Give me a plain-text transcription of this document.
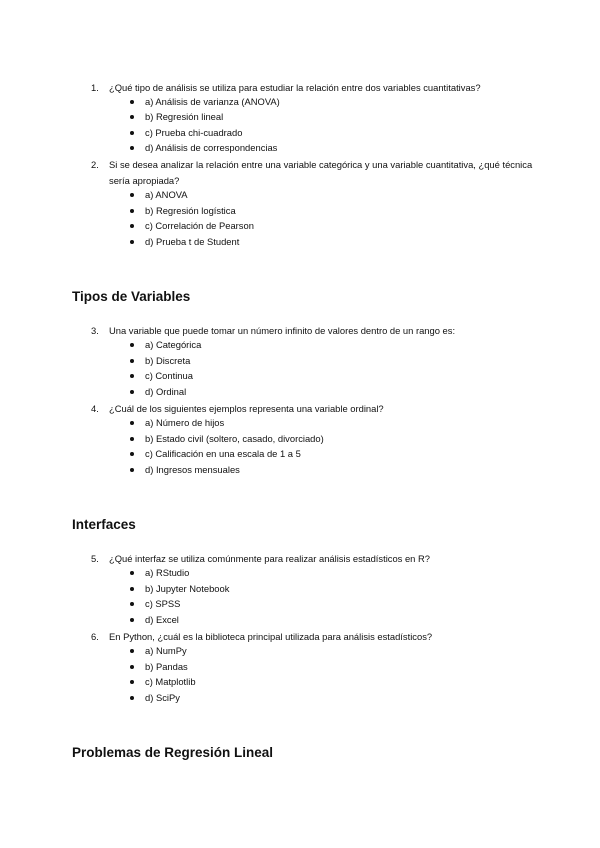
1.	¿Qué tipo de análisis se utiliza para estudiar la relación entre dos variables cuantitativas?
a) Análisis de varianza (ANOVA)
b) Regresión lineal
c) Prueba chi-cuadrado
d) Análisis de correspondencias
2.	Si se desea analizar la relación entre una variable categórica y una variable cuantitativa, ¿qué técnica sería apropiada?
a) ANOVA
b) Regresión logística
c) Correlación de Pearson
d) Prueba t de Student
Tipos de Variables
3.	Una variable que puede tomar un número infinito de valores dentro de un rango es:
a) Categórica
b) Discreta
c) Continua
d) Ordinal
4.	¿Cuál de los siguientes ejemplos representa una variable ordinal?
a) Número de hijos
b) Estado civil (soltero, casado, divorciado)
c) Calificación en una escala de 1 a 5
d) Ingresos mensuales
Interfaces
5.	¿Qué interfaz se utiliza comúnmente para realizar análisis estadísticos en R?
a) RStudio
b) Jupyter Notebook
c) SPSS
d) Excel
6.	En Python, ¿cuál es la biblioteca principal utilizada para análisis estadísticos?
a) NumPy
b) Pandas
c) Matplotlib
d) SciPy
Problemas de Regresión Lineal
